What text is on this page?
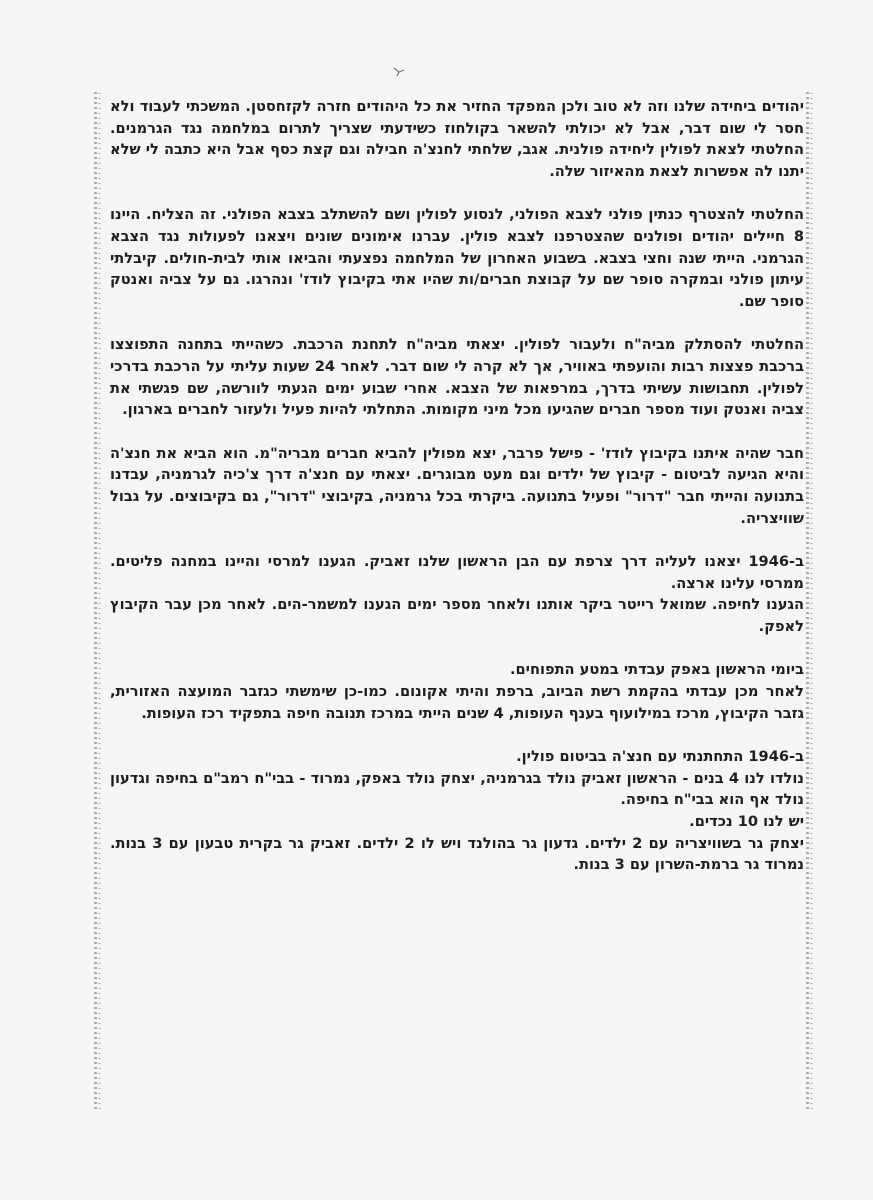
יהודים ביחידה שלנו וזה לא טוב ולכן המפקד החזיר את כל היהודים חזרה לקזחסטן. המשכתי לעבוד ולא חסר לי שום דבר, אבל לא יכולתי להשאר בקולחוז כשידעתי שצריך לתרום במלחמה נגד הגרמנים. החלטתי לצאת לפולין ליחידה פולנית. אגב, שלחתי לחנצ'ה חבילה וגם קצת כסף אבל היא כתבה לי שלא יתנו לה אפשרות לצאת מהאיזור שלה.

החלטתי להצטרף כנתין פולני לצבא הפולני, לנסוע לפולין ושם להשתלב בצבא הפולני. זה הצליח. היינו 8 חיילים יהודים ופולנים שהצטרפנו לצבא פולין. עברנו אימונים שונים ויצאנו לפעולות נגד הצבא הגרמני. הייתי שנה וחצי בצבא. בשבוע האחרון של המלחמה נפצעתי והביאו אותי לבית-חולים. קיבלתי עיתון פולני ובמקרה סופר שם על קבוצת חברים/ות שהיו אתי בקיבוץ לודז' ונהרגו. גם על צביה ואנטק סופר שם.

החלטתי להסתלק מביה"ח ולעבור לפולין. יצאתי מביה"ח לתחנת הרכבת. כשהייתי בתחנה התפוצצו ברכבת פצצות רבות והועפתי באוויר, אך לא קרה לי שום דבר. לאחר 24 שעות עליתי על הרכבת בדרכי לפולין. תחבושות עשיתי בדרך, במרפאות של הצבא. אחרי שבוע ימים הגעתי לוורשה, שם פגשתי את צביה ואנטק ועוד מספר חברים שהגיעו מכל מיני מקומות. התחלתי להיות פעיל ולעזור לחברים בארגון.

חבר שהיה איתנו בקיבוץ לודז' - פישל פרבר, יצא מפולין להביא חברים מבריה"מ. הוא הביא את חנצ'ה והיא הגיעה לביטום - קיבוץ של ילדים וגם מעט מבוגרים. יצאתי עם חנצ'ה דרך צ'כיה לגרמניה, עבדנו בתנועה והייתי חבר "דרור" ופעיל בתנועה. ביקרתי בכל גרמניה, בקיבוצי "דרור", גם בקיבוצים. על גבול שוויצריה.

ב-1946 יצאנו לעליה דרך צרפת עם הבן הראשון שלנו זאביק. הגענו למרסי והיינו במחנה פליטים. ממרסי עלינו ארצה.

הגענו לחיפה. שמואל רייטר ביקר אותנו ולאחר מספר ימים הגענו למשמר-הים. לאחר מכן עבר הקיבוץ לאפק.

ביומי הראשון באפק עבדתי במטע התפוחים.

לאחר מכן עבדתי בהקמת רשת הביוב, ברפת והיתי אקונום. כמו-כן שימשתי כגזבר המועצה האזורית, גזבר הקיבוץ, מרכז במילועוף בענף העופות, 4 שנים הייתי במרכז תנובה חיפה בתפקיד רכז העופות.

ב-1946 התחתנתי עם חנצ'ה בביטום פולין.

נולדו לנו 4 בנים - הראשון זאביק נולד בגרמניה, יצחק נולד באפק, נמרוד - בבי"ח רמב"ם בחיפה וגדעון נולד אף הוא בבי"ח בחיפה.

יש לנו 10 נכדים.

יצחק גר בשוויצריה עם 2 ילדים. גדעון גר בהולנד ויש לו 2 ילדים. זאביק גר בקרית טבעון עם 3 בנות. נמרוד גר ברמת-השרון עם 3 בנות.
